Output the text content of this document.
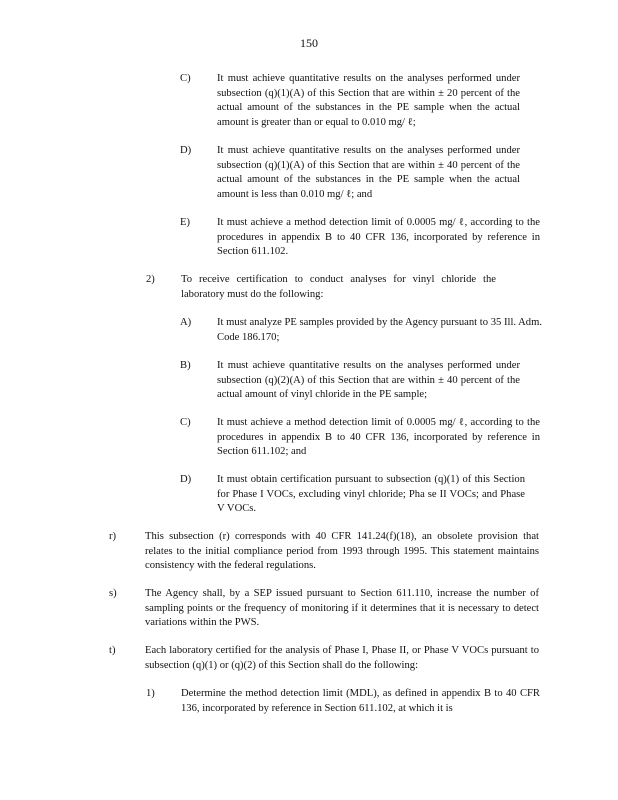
150
C) It must achieve quantitative results on the analyses performed under subsection (q)(1)(A) of this Section that are within ± 20 percent of the actual amount of the substances in the PE sample when the actual amount is greater than or equal to 0.010 mg/ ℓ;
D) It must achieve quantitative results on the analyses performed under subsection (q)(1)(A) of this Section that are within ± 40 percent of the actual amount of the substances in the PE sample when the actual amount is less than 0.010 mg/ ℓ; and
E)	It must achieve a method detection limit of 0.0005 mg/ ℓ, according to the procedures in appendix B to 40 CFR 136, incorporated by reference in Section 611.102.
2) To receive certification to conduct analyses for vinyl chloride the laboratory must do the following:
A) It must analyze PE samples provided by the Agency pursuant to 35 Ill. Adm. Code 186.170;
B) It must achieve quantitative results on the analyses performed under subsection (q)(2)(A) of this Section that are within ± 40 percent of the actual amount of vinyl chloride in the PE sample;
C) It must achieve a method detection limit of 0.0005 mg/ ℓ, according to the procedures in appendix B to 40 CFR 136, incorporated by reference in Section 611.102; and
D) It must obtain certification pursuant to subsection (q)(1) of this Section for Phase I VOCs, excluding vinyl chloride; Pha se II VOCs; and Phase V VOCs.
r)	This subsection (r) corresponds with 40 CFR 141.24(f)(18), an obsolete provision that relates to the initial compliance period from 1993 through 1995. This statement maintains consistency with the federal regulations.
s)	The Agency shall, by a SEP issued pursuant to Section 611.110, increase the number of sampling points or the frequency of monitoring if it determines that it is necessary to detect variations within the PWS.
t)	Each laboratory certified for the analysis of Phase I, Phase II, or Phase V VOCs pursuant to subsection (q)(1) or (q)(2) of this Section shall do the following:
1) Determine the method detection limit (MDL), as defined in appendix B to 40 CFR 136, incorporated by reference in Section 611.102, at which it is
